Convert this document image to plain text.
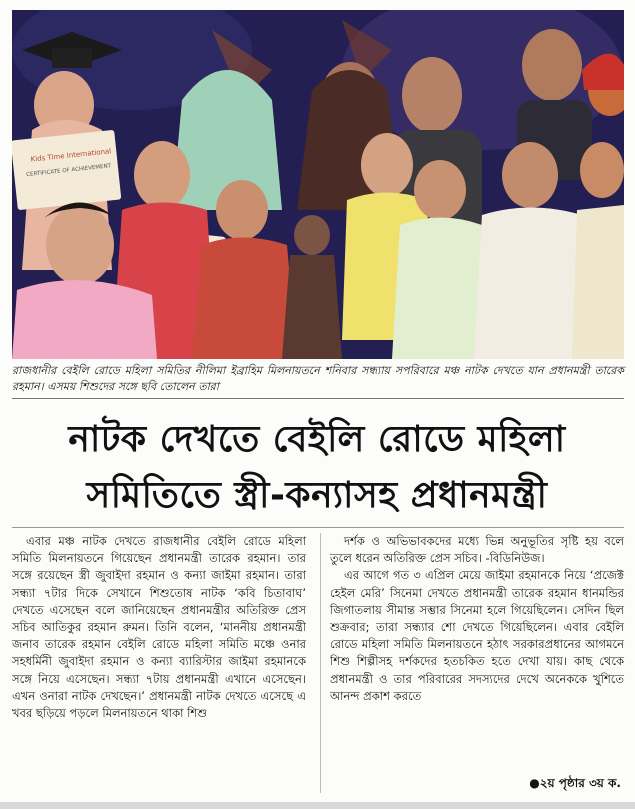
Kids Time International
CERTIFICATE OF ACHIEVEMENT
রাজধানীর বেইলি রোডে মহিলা সমিতির নীলিমা ইব্রাহিম মিলনায়তনে শনিবার সন্ধ্যায় সপরিবারে মঞ্চ নাটক দেখতে যান প্রধানমন্ত্রী তারেক রহমান। এসময় শিশুদের সঙ্গে ছবি তোলেন তারা
নাটক দেখতে বেইলি রোডে মহিলা
সমিতিতে স্ত্রী-কন্যাসহ প্রধানমন্ত্রী

এবার মঞ্চ নাটক দেখতে রাজধানীর বেইলি রোডে মহিলা সমিতি মিলনায়তনে গিয়েছেন প্রধানমন্ত্রী তারেক রহমান। তার সঙ্গে রয়েছেন স্ত্রী জুবাইদা রহমান ও কন্যা জাইমা রহমান। তারা সন্ধ্যা ৭টার দিকে সেখানে শিশুতোষ নাটক ‘কবি চিতাবাঘ’ দেখতে এসেছেন বলে জানিয়েছেন প্রধানমন্ত্রীর অতিরিক্ত প্রেস সচিব আতিকুর রহমান রুমন। তিনি বলেন, ‘মাননীয় প্রধানমন্ত্রী জনাব তারেক রহমান বেইলি রোডে মহিলা সমিতি মঞ্চে ওনার সহধর্মিনী জুবাইদা রহমান ও কন্যা ব্যারিস্টার জাইমা রহমানকে সঙ্গে নিয়ে এসেছেন। সন্ধ্যা ৭টায় প্রধানমন্ত্রী এখানে এসেছেন। এখন ওনারা নাটক দেখছেন।’ প্রধানমন্ত্রী নাটক দেখতে এসেছে এ খবর ছড়িয়ে পড়লে মিলনায়তনে থাকা শিশু

দর্শক ও অভিভাবকদের মধ্যে ভিন্ন অনুভূতির সৃষ্টি হয় বলে তুলে ধরেন অতিরিক্ত প্রেস সচিব। -বিডিনিউজ।

এর আগে গত ৩ এপ্রিল মেয়ে জাইমা রহমানকে নিয়ে ‘প্রজেক্ট হেইল মেরি’ সিনেমা দেখতে প্রধানমন্ত্রী তারেক রহমান ধানমন্ডির জিগাতলায় সীমান্ত সম্ভার সিনেমা হলে গিয়েছিলেন। সেদিন ছিল শুক্রবার; তারা সন্ধ্যার শো দেখতে গিয়েছিলেন। এবার বেইলি রোডে মহিলা সমিতি মিলনায়তনে হঠাৎ সরকারপ্রধানের আগমনে শিশু শিল্পীসহ দর্শকদের হতচকিত হতে দেখা যায়। কাছ থেকে প্রধানমন্ত্রী ও তার পরিবারের সদস্যদের দেখে অনেককে খুশিতে আনন্দ প্রকাশ করতে

●২য় পৃষ্ঠার ৩য় ক.
